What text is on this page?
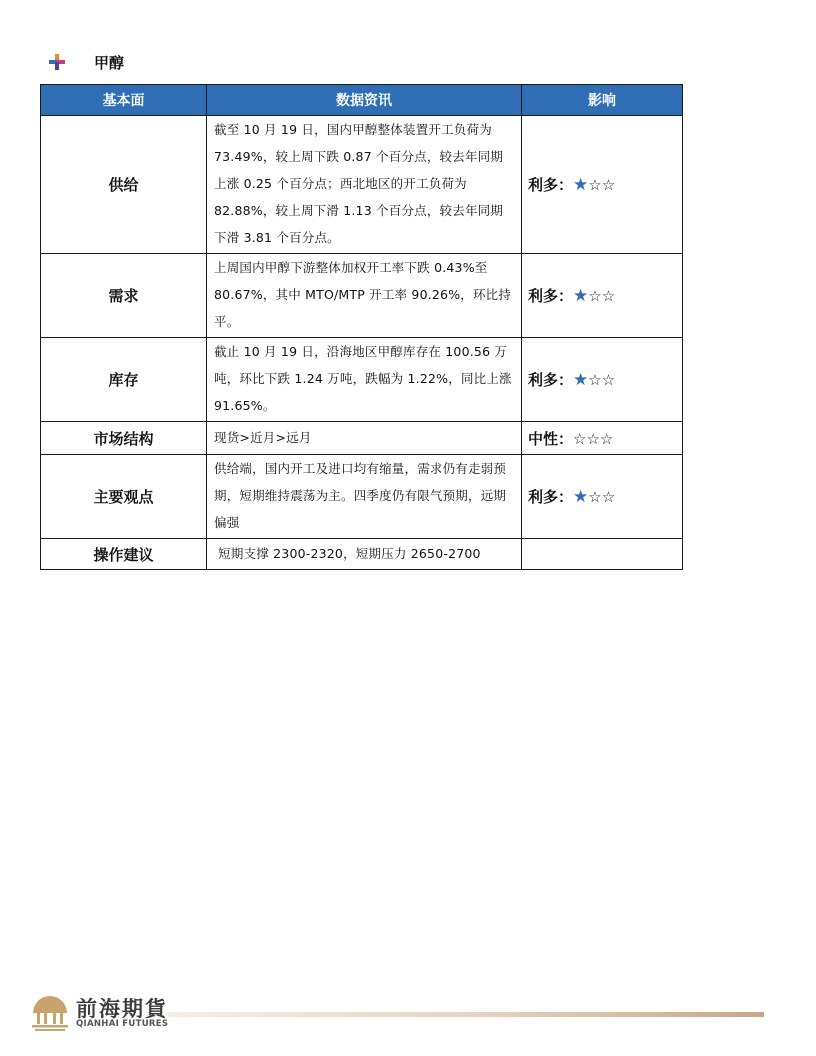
甲醇
基本面	数据资讯	影响
供给	截至 10 月 19 日，国内甲醇整体装置开工负荷为 73.49%，较上周下跌 0.87 个百分点，较去年同期上涨 0.25 个百分点；西北地区的开工负荷为 82.88%，较上周下滑 1.13 个百分点，较去年同期下滑 3.81 个百分点。	利多：★☆☆
需求	上周国内甲醇下游整体加权开工率下跌 0.43%至 80.67%，其中 MTO/MTP 开工率 90.26%，环比持平。	利多：★☆☆
库存	截止 10 月 19 日，沿海地区甲醇库存在 100.56 万吨，环比下跌 1.24 万吨，跌幅为 1.22%，同比上涨 91.65%。	利多：★☆☆
市场结构	现货>近月>远月	中性：☆☆☆
主要观点	供给端，国内开工及进口均有缩量，需求仍有走弱预期，短期维持震荡为主。四季度仍有限气预期，远期偏强	利多：★☆☆
操作建议	短期支撑 2300-2320，短期压力 2650-2700	
前海期貨
QIANHAI FUTURES
